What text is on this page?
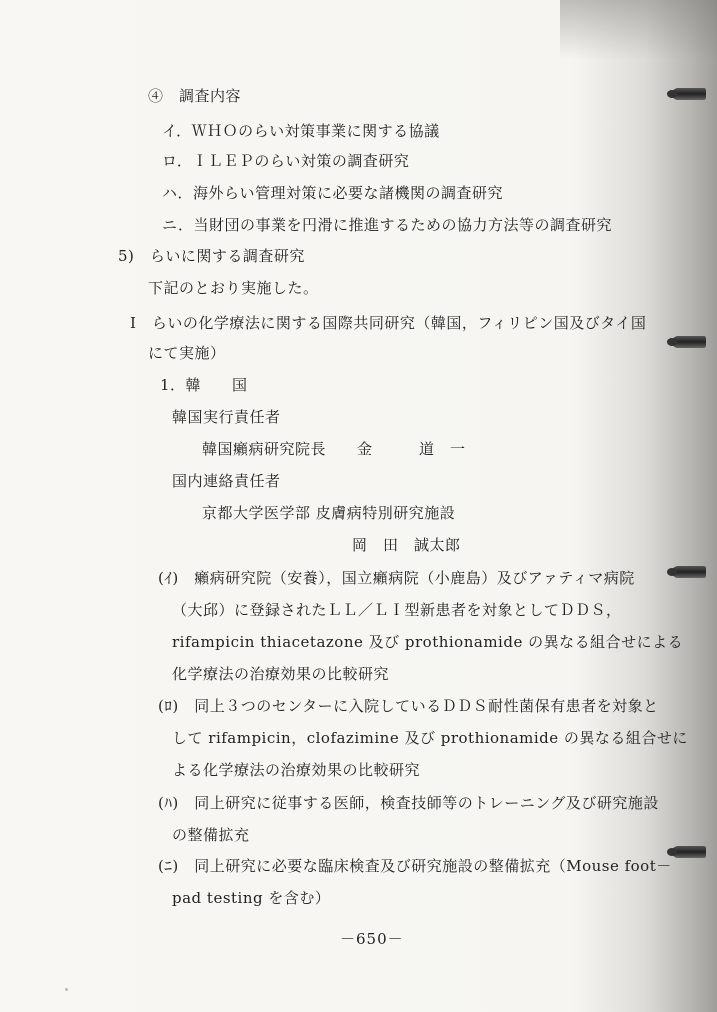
④　調査内容
イ．ＷＨＯのらい対策事業に関する協議
ロ．ＩＬＥＰのらい対策の調査研究
ハ．海外らい管理対策に必要な諸機関の調査研究
ニ．当財団の事業を円滑に推進するための協力方法等の調査研究
5)　らいに関する調査研究
下記のとおり実施した。
I　らいの化学療法に関する国際共同研究（韓国，フィリピン国及びタイ国
にて実施）
1．韓　　国
韓国実行責任者
韓国癩病研究院長　　金　　　道　一
国内連絡責任者
京都大学医学部 皮膚病特別研究施設
岡　田　誠太郎
(ｲ)　癩病研究院（安養），国立癩病院（小鹿島）及びアァティマ病院
（大邱）に登録されたＬＬ／ＬＩ型新患者を対象としてＤＤＳ，
rifampicin thiacetazone 及び prothionamide の異なる組合せによる
化学療法の治療効果の比較研究
(ﾛ)　同上３つのセンターに入院しているＤＤＳ耐性菌保有患者を対象と
して rifampicin，clofazimine 及び prothionamide の異なる組合せに
よる化学療法の治療効果の比較研究
(ﾊ)　同上研究に従事する医師，検査技師等のトレーニング及び研究施設
の整備拡充
(ﾆ)　同上研究に必要な臨床検査及び研究施設の整備拡充（Mouse foot－
pad testing を含む）
－650－
